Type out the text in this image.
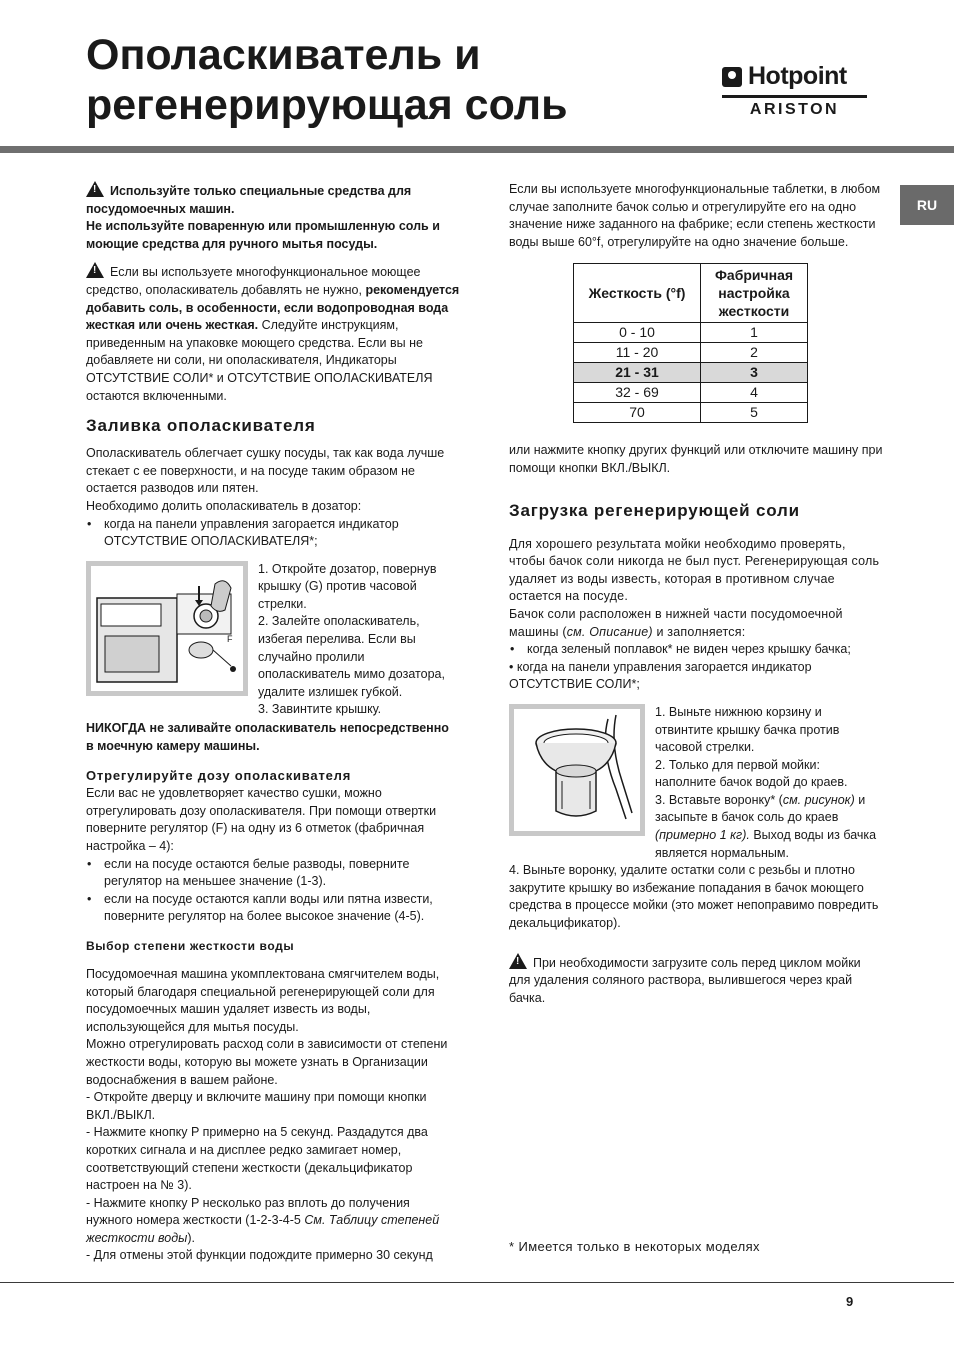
Ополаскиватель и
регенерирующая соль
Hotpoint
ARISTON
RU

!Используйте только специальные средства для посудомоечных машин.
Не используйте поваренную или промышленную соль и моющие средства для ручного мытья посуды.

!Если вы используете многофункциональное моющее средство, ополаскиватель добавлять не нужно, рекомендуется добавить соль, в особенности, если водопроводная вода жесткая или очень жесткая. Следуйте инструкциям, приведенным на упаковке моющего средства. Если вы не добавляете ни соли, ни ополаскивателя, Индикаторы ОТСУТСТВИЕ СОЛИ* и ОТСУТСТВИЕ ОПОЛАСКИВАТЕЛЯ остаются включенными.

Заливка ополаскивателя

Ополаскиватель облегчает сушку посуды, так как вода лучше стекает с ее поверхности, и на посуде таким образом не остается разводов или пятен.

Необходимо долить ополаскиватель в дозатор:

• когда на панели управления загорается индикатор ОТСУТСТВИЕ ОПОЛАСКИВАТЕЛЯ*;

F

1. Откройте дозатор, повернув крышку (G) против часовой стрелки.
2. Залейте ополаскиватель, избегая перелива. Если вы случайно пролили ополаскиватель мимо дозатора, удалите излишек губкой.
3. Завинтите крышку.

НИКОГДА не заливайте ополаскиватель непосредственно в моечную камеру машины.

Отрегулируйте дозу ополаскивателя

Если вас не удовлетворяет качество сушки, можно отрегулировать дозу ополаскивателя. При помощи отвертки поверните регулятор (F) на одну из 6 отметок (фабричная настройка – 4):

• если на посуде остаются белые разводы, поверните регулятор на меньшее значение (1-3).

• если на посуде остаются капли воды или пятна извести, поверните регулятор на более высокое значение (4-5).

Выбор степени жесткости воды

Посудомоечная машина укомплектована смягчителем воды, который благодаря специальной регенерирующей соли для посудомоечных машин удаляет известь из воды, использующейся для мытья посуды.

Можно отрегулировать расход соли в зависимости от степени жесткости воды, которую вы можете узнать в Организации водоснабжения в вашем районе.

- Откройте дверцу и включите машину при помощи кнопки ВКЛ./ВЫКЛ.

- Нажмите кнопку P примерно на 5 секунд. Раздадутся два коротких сигнала и на дисплее редко замигает номер, соответствующий степени жесткости (декальцификатор настроен на № 3).

- Нажмите кнопку P несколько раз вплоть до получения нужного номера жесткости (1-2-3-4-5 См. Таблицу степеней жесткости воды).

- Для отмены этой функции подождите примерно 30 секунд

Если вы используете многофункциональные таблетки, в любом случае заполните бачок солью и отрегулируйте его на одно значение ниже заданного на фабрике; если степень жесткости воды выше 60°f, отрегулируйте на одно значение больше.

Жесткость (°f)	Фабричная настройка жесткости
0 - 10	1
11 - 20	2
21 - 31	3
32 - 69	4
70	5

или нажмите кнопку других функций или отключите машину при помощи кнопки ВКЛ./ВЫКЛ.

Загрузка регенерирующей соли

Для хорошего результата мойки необходимо проверять, чтобы бачок соли никогда не был пуст. Регенерирующая соль удаляет из воды известь, которая в противном случае остается на посуде.

Бачок соли расположен в нижней части посудомоечной машины (см. Описание) и заполняется:

• когда зеленый поплавок* не виден через крышку бачка;

• когда на панели управления загорается индикатор ОТСУТСТВИЕ СОЛИ*;

1. Выньте нижнюю корзину и отвинтите крышку бачка против часовой стрелки.

2. Только для первой мойки: наполните бачок водой до краев.

3. Вставьте воронку* (см. рисунок) и засыпьте в бачок соль до краев (примерно 1 кг). Выход воды из бачка является нормальным.

4. Выньте воронку, удалите остатки соли с резьбы и плотно закрутите крышку во избежание попадания в бачок моющего средства в процессе мойки (это может непоправимо повредить декальцификатор).

!При необходимости загрузите соль перед циклом мойки для удаления соляного раствора, вылившегося через край бачка.

* Имеется только в некоторых моделях
9
